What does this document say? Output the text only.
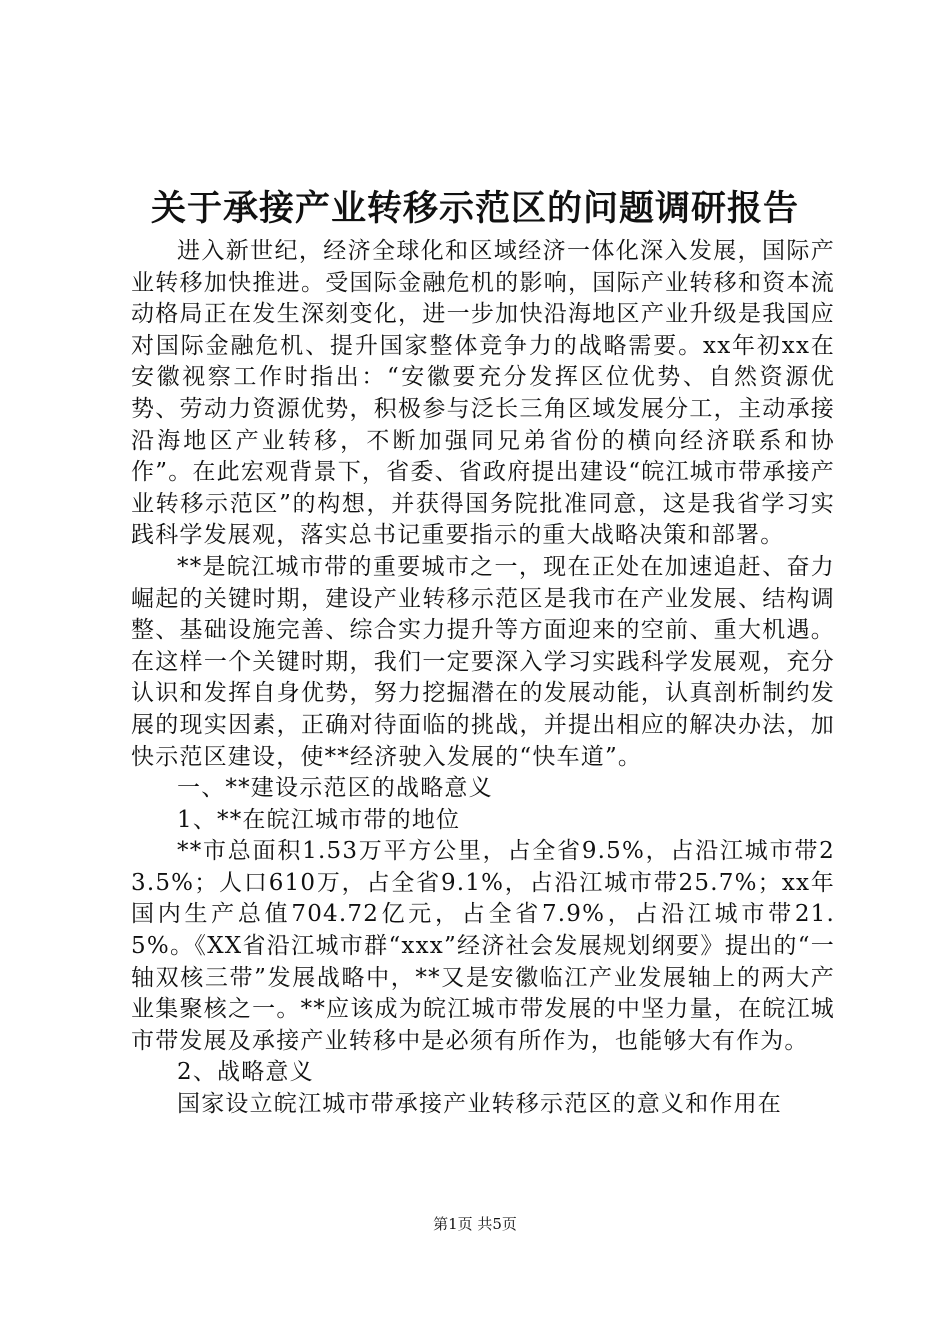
关于承接产业转移示范区的问题调研报告

进入新世纪，经济全球化和区域经济一体化深入发展，国际产业转移加快推进。受国际金融危机的影响，国际产业转移和资本流动格局正在发生深刻变化，进一步加快沿海地区产业升级是我国应对国际金融危机、提升国家整体竞争力的战略需要。xx年初xx在安徽视察工作时指出：“安徽要充分发挥区位优势、自然资源优势、劳动力资源优势，积极参与泛长三角区域发展分工，主动承接沿海地区产业转移，不断加强同兄弟省份的横向经济联系和协作”。在此宏观背景下，省委、省政府提出建设“皖江城市带承接产业转移示范区”的构想，并获得国务院批准同意，这是我省学习实践科学发展观，落实总书记重要指示的重大战略决策和部署。

**是皖江城市带的重要城市之一，现在正处在加速追赶、奋力崛起的关键时期，建设产业转移示范区是我市在产业发展、结构调整、基础设施完善、综合实力提升等方面迎来的空前、重大机遇。在这样一个关键时期，我们一定要深入学习实践科学发展观，充分认识和发挥自身优势，努力挖掘潜在的发展动能，认真剖析制约发展的现实因素，正确对待面临的挑战，并提出相应的解决办法，加快示范区建设，使**经济驶入发展的“快车道”。

一、**建设示范区的战略意义

1、**在皖江城市带的地位

**市总面积1.53万平方公里，占全省9.5%，占沿江城市带23.5%；人口610万，占全省9.1%，占沿江城市带25.7%；xx年国内生产总值704.72亿元，占全省7.9%，占沿江城市带21.5%。《XX省沿江城市群“xxx”经济社会发展规划纲要》提出的“一轴双核三带”发展战略中，**又是安徽临江产业发展轴上的两大产业集聚核之一。**应该成为皖江城市带发展的中坚力量，在皖江城市带发展及承接产业转移中是必须有所作为，也能够大有作为。

2、战略意义

国家设立皖江城市带承接产业转移示范区的意义和作用在

第1页 共5页
